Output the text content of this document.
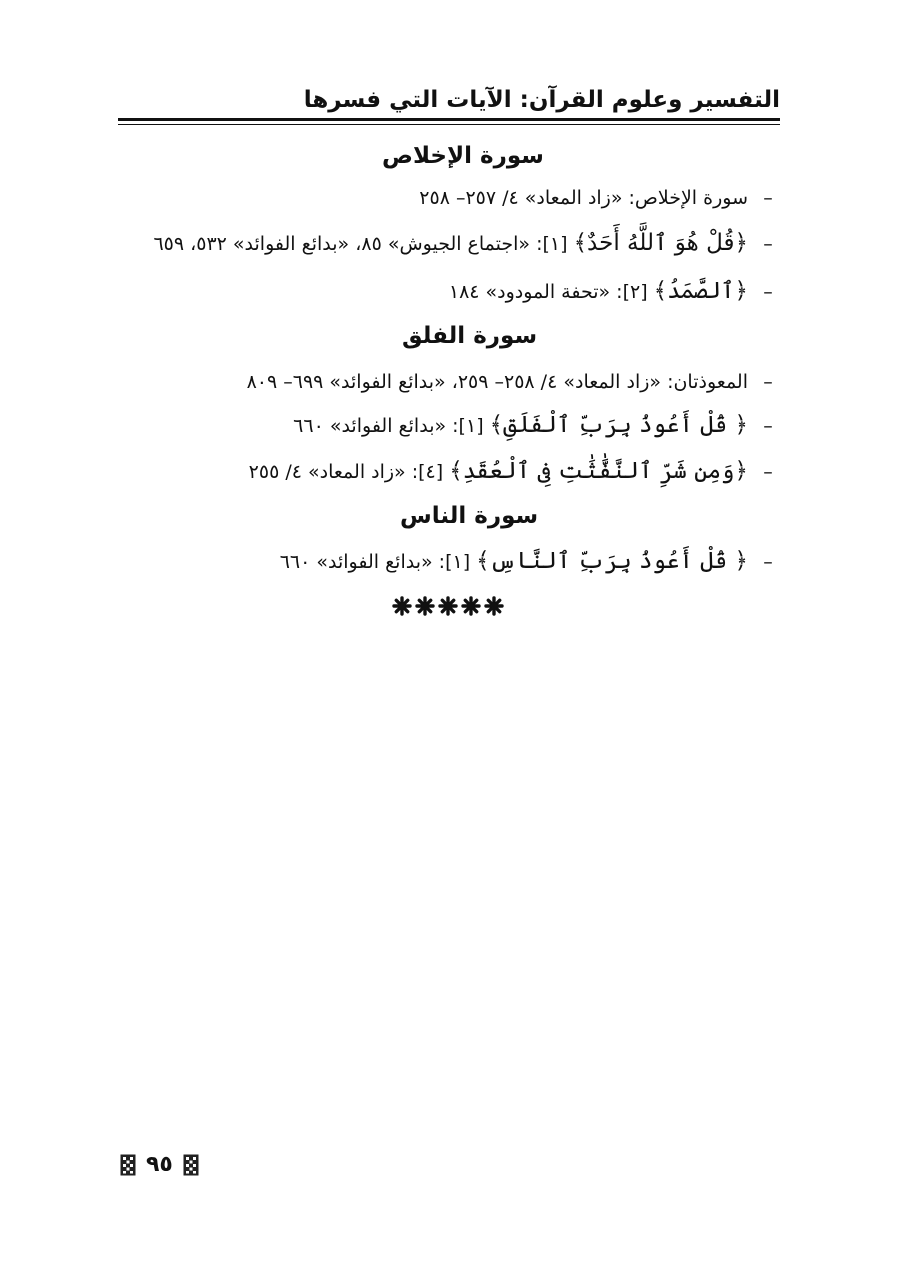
التفسير وعلوم القرآن: الآيات التي فسرها
سورة الإخلاص
–سورة الإخلاص: «زاد المعاد» ٤/ ٢٥٧– ٢٥٨
–﴿قُلْ هُوَ ٱللَّهُ أَحَدٌ﴾ [١]: «اجتماع الجيوش» ٨٥، «بدائع الفوائد» ٥٣٢، ٦٥٩
–﴿ٱلصَّمَدُ﴾ [٢]: «تحفة المودود» ١٨٤
سورة الفلق
–المعوذتان: «زاد المعاد» ٤/ ٢٥٨– ٢٥٩، «بدائع الفوائد» ٦٩٩– ٨٠٩
–﴿ قُلْ أَعُوذُ بِرَبِّ ٱلْفَلَقِ﴾ [١]: «بدائع الفوائد» ٦٦٠
–﴿وَمِن شَرِّ ٱلنَّفَّٰثَٰتِ فِى ٱلْعُقَدِ﴾ [٤]: «زاد المعاد» ٤/ ٢٥٥
سورة الناس
–﴿ قُلْ أَعُوذُ بِرَبِّ ٱلنَّاسِ﴾ [١]: «بدائع الفوائد» ٦٦٠
٩٥
